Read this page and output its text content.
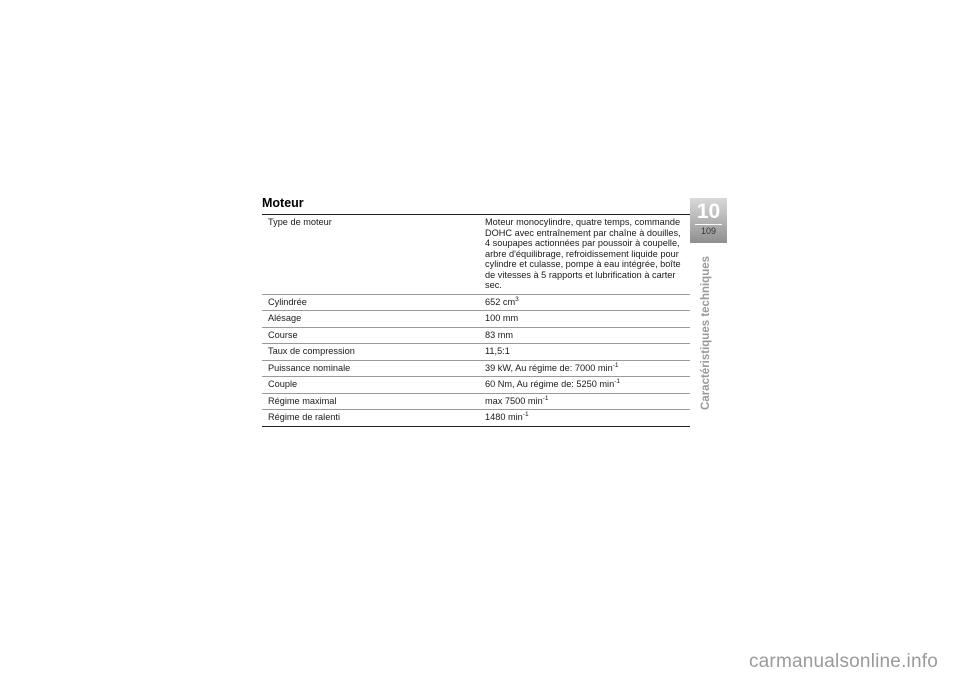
Moteur
Type de moteur	Moteur monocylindre, quatre temps, commande DOHC avec entraînement par chaîne à douilles, 4 soupapes actionnées par poussoir à coupelle, arbre d'équilibrage, refroidissement liquide pour cylindre et culasse, pompe à eau intégrée, boîte de vitesses à 5 rapports et lubrification à carter sec.
Cylindrée	652 $cm^3$
Alésage	100 mm
Course	83 mm
Taux de compression	11,5:1
Puissance nominale	39 kW, Au régime de: 7000 $\min^{-1}$
Couple	60 Nm, Au régime de: 5250 $\min^{-1}$
Régime maximal	max 7500 $\min^{-1}$
Régime de ralenti	1480 $\min^{-1}$
10
109
Caractéristiques techniques
carmanualsonline.info
